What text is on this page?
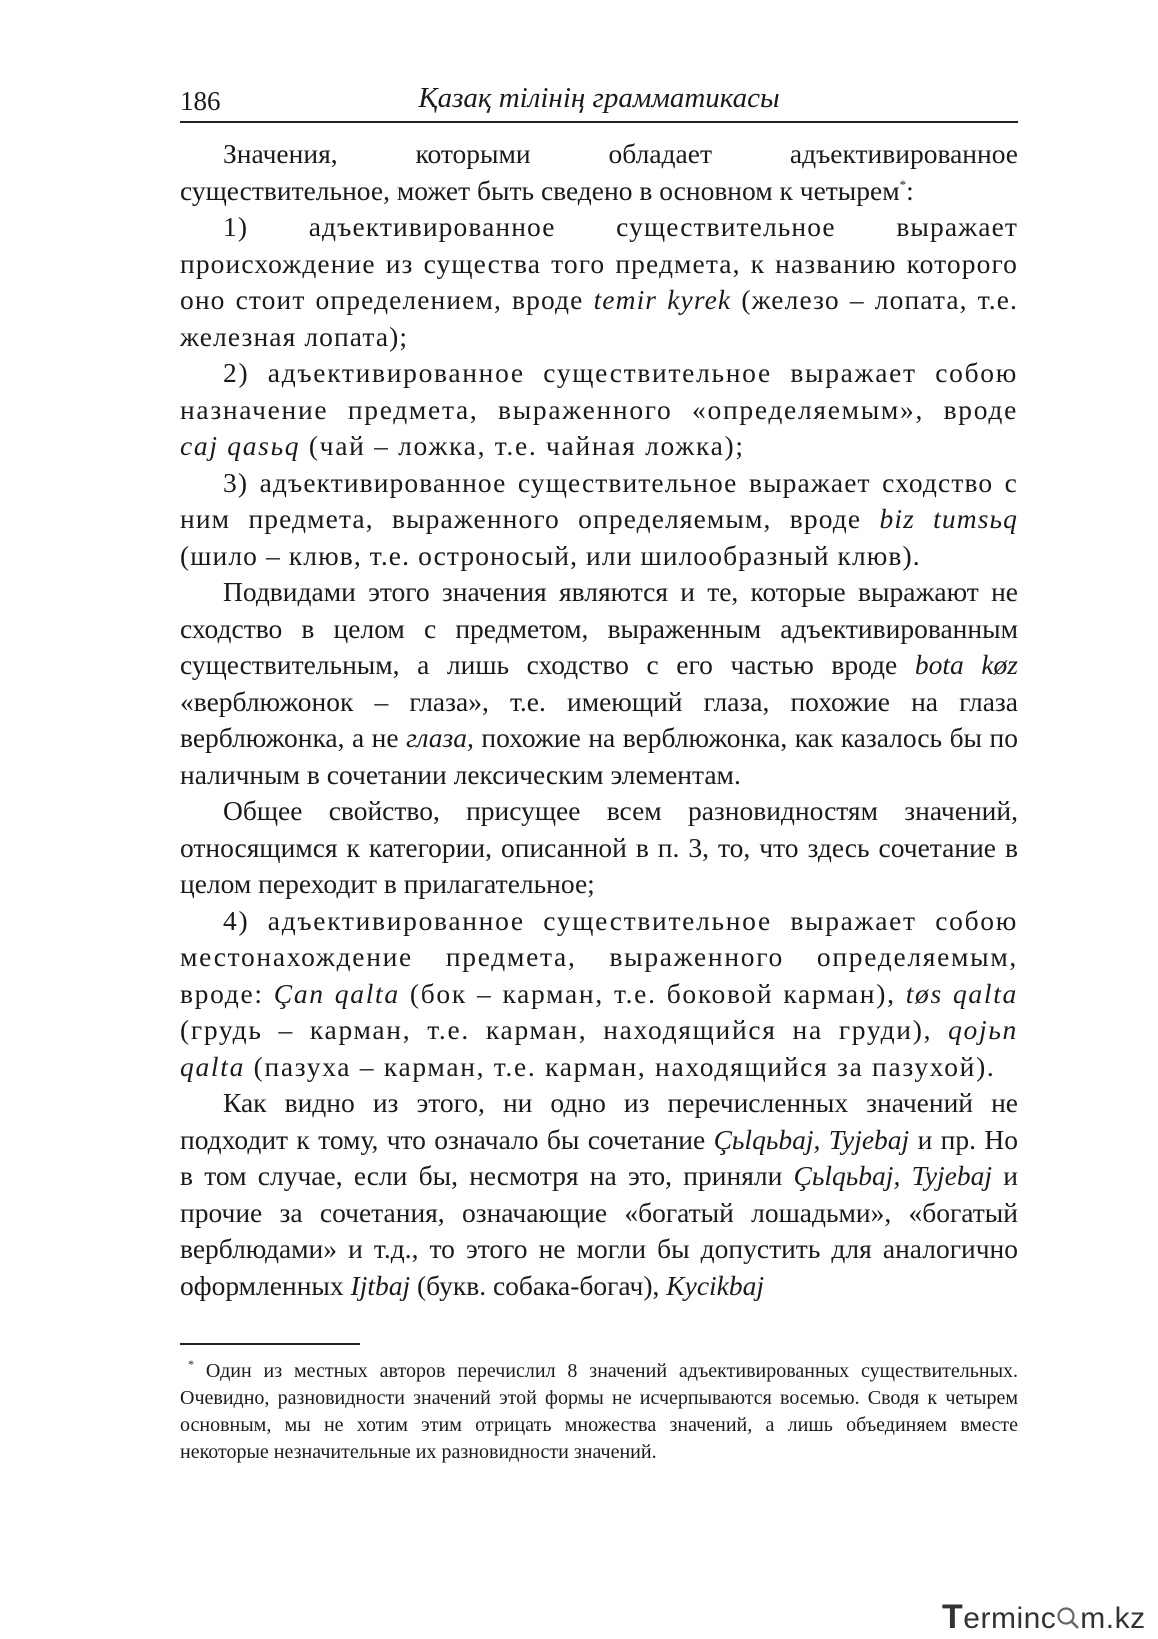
186	Қазақ тілінің грамматикасы

Значения, которыми обладает адъективированное существительное, может быть сведено в основном к четырем*:

1) адъективированное существительное выражает происхождение из существа того предмета, к названию которого оно стоит определением, вроде temir kyrek (железо – лопата, т.е. железная лопата);

2) адъективированное существительное выражает собою назначение предмета, выраженного «определяемым», вроде caj qasьq (чай – ложка, т.е. чайная ложка);

3) адъективированное существительное выражает сходство с ним предмета, выраженного определяемым, вроде biz tumsьq (шило – клюв, т.е. остроносый, или шилообразный клюв).

Подвидами этого значения являются и те, которые выражают не сходство в целом с предметом, выраженным адъективированным существительным, а лишь сходство с его частью вроде bota køz «верблюжонок – глаза», т.е. имеющий глаза, похожие на глаза верблюжонка, а не глаза, похожие на верблюжонка, как казалось бы по наличным в сочетании лексическим элементам.

Общее свойство, присущее всем разновидностям значений, относящимся к категории, описанной в п. 3, то, что здесь сочетание в целом переходит в прилагательное;

4) адъективированное существительное выражает собою местонахождение предмета, выраженного определяемым, вроде: Çan qalta (бок – карман, т.е. боковой карман), tøs qalta (грудь – карман, т.е. карман, находящийся на груди), qojьn qalta (пазуха – карман, т.е. карман, находящийся за пазухой).

Как видно из этого, ни одно из перечисленных значений не подходит к тому, что означало бы сочетание Çьlqьbaj, Tyjebaj и пр. Но в том случае, если бы, несмотря на это, приняли Çьlqьbaj, Tyjebaj и прочие за сочетания, означающие «богатый лошадьми», «богатый верблюдами» и т.д., то этого не могли бы допустить для аналогично оформленных Ijtbaj (букв. собака-богач), Kycikbaj

* Один из местных авторов перечислил 8 значений адъективированных существительных. Очевидно, разновидности значений этой формы не исчерпываются восемью. Сводя к четырем основным, мы не хотим этим отрицать множества значений, а лишь объединяем вместе некоторые незначительные их разновидности значений.

Terminc m.kz
